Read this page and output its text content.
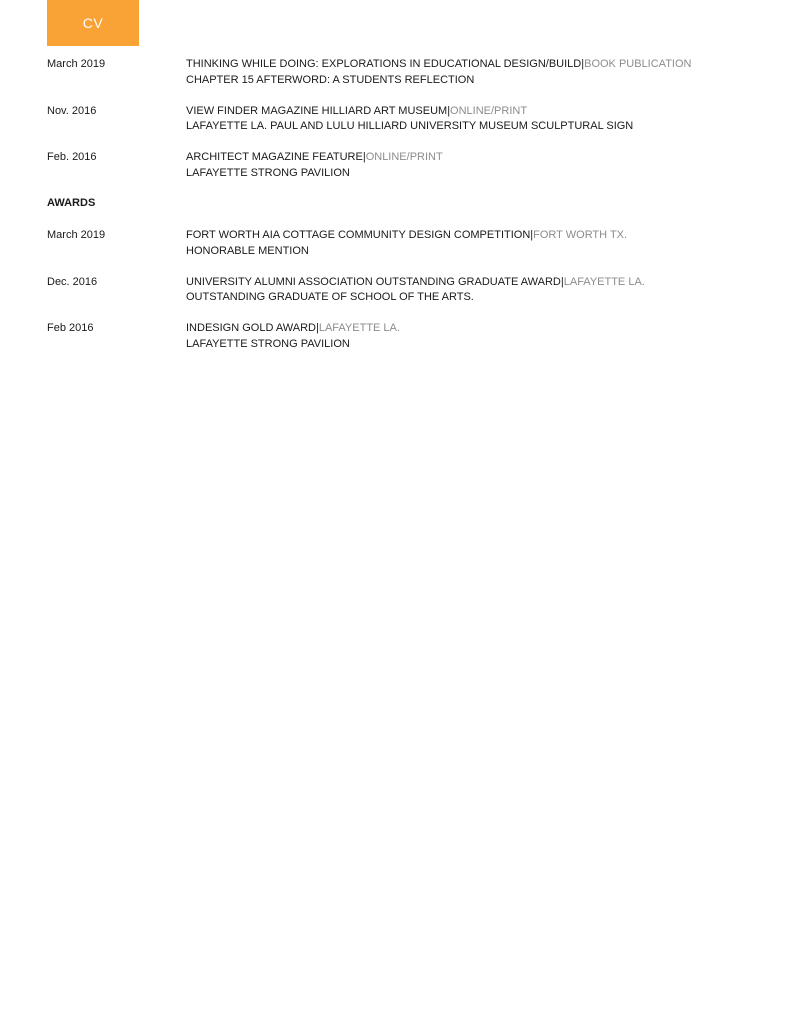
CV
March 2019	THINKING WHILE DOING: EXPLORATIONS IN EDUCATIONAL DESIGN/BUILD|BOOK PUBLICATION
CHAPTER 15 AFTERWORD: A STUDENTS REFLECTION
Nov. 2016	VIEW FINDER MAGAZINE HILLIARD ART MUSEUM|ONLINE/PRINT
LAFAYETTE LA. PAUL AND LULU HILLIARD UNIVERSITY MUSEUM SCULPTURAL SIGN
Feb. 2016	ARCHITECT MAGAZINE FEATURE|ONLINE/PRINT
LAFAYETTE STRONG PAVILION
AWARDS
March 2019	FORT WORTH AIA COTTAGE COMMUNITY DESIGN COMPETITION|FORT WORTH TX.
HONORABLE MENTION
Dec. 2016	UNIVERSITY ALUMNI ASSOCIATION OUTSTANDING GRADUATE AWARD|LAFAYETTE LA.
OUTSTANDING GRADUATE OF SCHOOL OF THE ARTS.
Feb 2016	INDESIGN GOLD AWARD|LAFAYETTE LA.
LAFAYETTE STRONG PAVILION
